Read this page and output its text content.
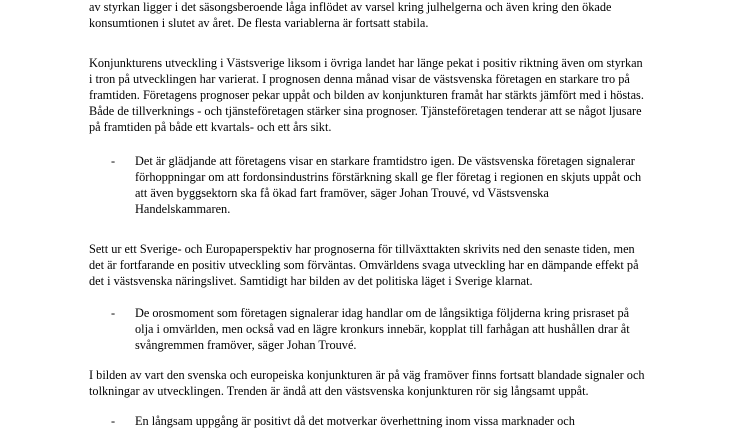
av styrkan ligger i det säsongsberoende låga inflödet av varsel kring julhelgerna och även kring den ökade
konsumtionen i slutet av året. De flesta variablerna är fortsatt stabila.
Konjunkturens utveckling i Västsverige liksom i övriga landet har länge pekat i positiv riktning även om styrkan
i tron på utvecklingen har varierat. I prognosen denna månad visar de västsvenska företagen en starkare tro på
framtiden. Företagens prognoser pekar uppåt och bilden av konjunkturen framåt har stärkts jämfört med i höstas.
Både de tillverknings - och tjänsteföretagen stärker sina prognoser. Tjänsteföretagen tenderar att se något ljusare
på framtiden på både ett kvartals- och ett års sikt.
- Det är glädjande att företagens visar en starkare framtidstro igen. De västsvenska företagen signalerar
förhoppningar om att fordonsindustrins förstärkning skall ge fler företag i regionen en skjuts uppåt och
att även byggsektorn ska få ökad fart framöver, säger Johan Trouvé, vd Västsvenska
Handelskammaren.
Sett ur ett Sverige- och Europaperspektiv har prognoserna för tillväxttakten skrivits ned den senaste tiden, men
det är fortfarande en positiv utveckling som förväntas. Omvärldens svaga utveckling har en dämpande effekt på
det i västsvenska näringslivet. Samtidigt har bilden av det politiska läget i Sverige klarnat.
- De orosmoment som företagen signalerar idag handlar om de långsiktiga följderna kring prisraset på
olja i omvärlden, men också vad en lägre kronkurs innebär, kopplat till farhågan att hushållen drar åt
svångremmen framöver, säger Johan Trouvé.
I bilden av vart den svenska och europeiska konjunkturen är på väg framöver finns fortsatt blandade signaler och
tolkningar av utvecklingen. Trenden är ändå att den västsvenska konjunkturen rör sig långsamt uppåt.
- En långsam uppgång är positivt då det motverkar överhettning inom vissa marknader och
